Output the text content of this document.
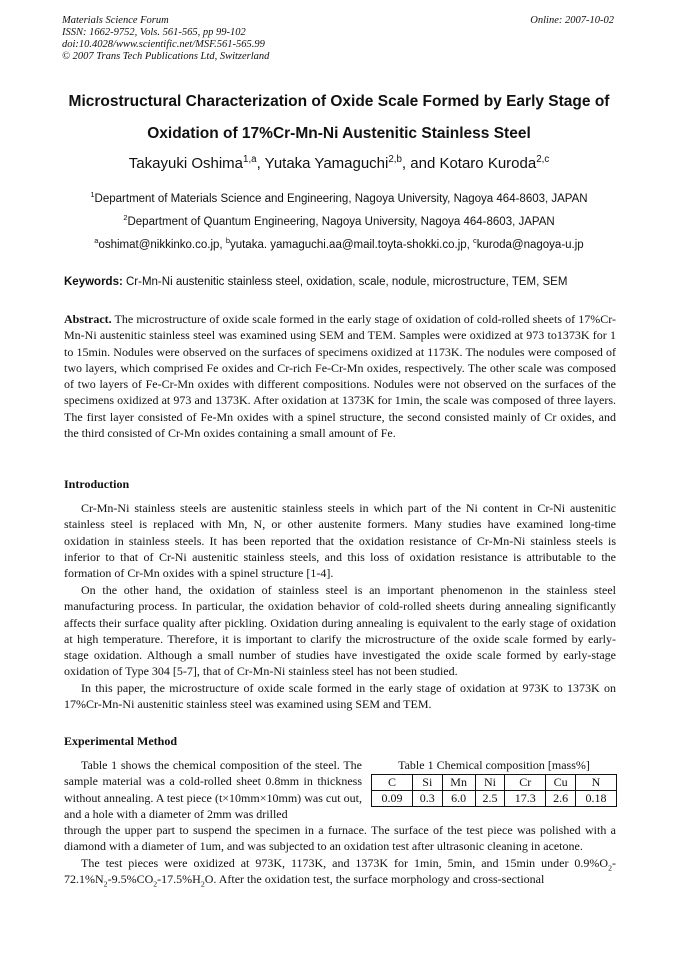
Materials Science Forum
ISSN: 1662-9752, Vols. 561-565, pp 99-102
doi:10.4028/www.scientific.net/MSF.561-565.99
© 2007 Trans Tech Publications Ltd, Switzerland
Online: 2007-10-02
Microstructural Characterization of Oxide Scale Formed by Early Stage of
Oxidation of 17%Cr-Mn-Ni Austenitic Stainless Steel
Takayuki Oshima$^{1,a}$, Yutaka Yamaguchi$^{2,b}$, and Kotaro Kuroda$^{2,c}$
$^1$Department of Materials Science and Engineering, Nagoya University, Nagoya 464-8603, JAPAN
$^2$Department of Quantum Engineering, Nagoya University, Nagoya 464-8603, JAPAN
$^a$oshimat@nikkinko.co.jp, $^b$yutaka. yamaguchi.aa@mail.toyta-shokki.co.jp, $^c$kuroda@nagoya-u.jp
Keywords: Cr-Mn-Ni austenitic stainless steel, oxidation, scale, nodule, microstructure, TEM, SEM

Abstract. The microstructure of oxide scale formed in the early stage of oxidation of cold-rolled sheets of 17%Cr-Mn-Ni austenitic stainless steel was examined using SEM and TEM. Samples were oxidized at 973 to1373K for 1 to 15min. Nodules were observed on the surfaces of specimens oxidized at 1173K. The nodules were composed of two layers, which comprised Fe oxides and Cr-rich Fe-Cr-Mn oxides, respectively. The other scale was composed of two layers of Fe-Cr-Mn oxides with different compositions. Nodules were not observed on the surfaces of the specimens oxidized at 973 and 1373K. After oxidation at 1373K for 1min, the scale was composed of three layers. The first layer consisted of Fe-Mn oxides with a spinel structure, the second consisted mainly of Cr oxides, and the third consisted of Cr-Mn oxides containing a small amount of Fe.

Introduction

Cr-Mn-Ni stainless steels are austenitic stainless steels in which part of the Ni content in Cr-Ni austenitic stainless steel is replaced with Mn, N, or other austenite formers. Many studies have examined long-time oxidation in stainless steels. It has been reported that the oxidation resistance of Cr-Mn-Ni stainless steels is inferior to that of Cr-Ni austenitic stainless steels, and this loss of oxidation resistance is attributable to the formation of Cr-Mn oxides with a spinel structure [1-4].

On the other hand, the oxidation of stainless steel is an important phenomenon in the stainless steel manufacturing process. In particular, the oxidation behavior of cold-rolled sheets during annealing significantly affects their surface quality after pickling. Oxidation during annealing is equivalent to the early stage of oxidation at high temperature. Therefore, it is important to clarify the microstructure of the oxide scale formed by early-stage oxidation. Although a small number of studies have investigated the oxide scale formed by early-stage oxidation of Type 304 [5-7], that of Cr-Mn-Ni stainless steel has not been studied.

In this paper, the microstructure of oxide scale formed in the early stage of oxidation at 973K to 1373K on 17%Cr-Mn-Ni austenitic stainless steel was examined using SEM and TEM.

Experimental Method

Table 1 shows the chemical composition of the steel. The sample material was a cold-rolled sheet 0.8mm in thickness without annealing. A test piece (t×10mm×10mm) was cut out, and a hole with a diameter of 2mm was drilled

Table 1 Chemical composition [mass%]
C	Si	Mn	Ni	Cr	Cu	N
0.09	0.3	6.0	2.5	17.3	2.6	0.18

through the upper part to suspend the specimen in a furnace. The surface of the test piece was polished with a diamond with a diameter of 1um, and was subjected to an oxidation test after ultrasonic cleaning in acetone.

The test pieces were oxidized at 973K, 1173K, and 1373K for 1min, 5min, and 15min under $0.9\%O_2-72.1\%N_2-9.5\%CO_2-17.5\%H_2O$. After the oxidation test, the surface morphology and cross-sectional
